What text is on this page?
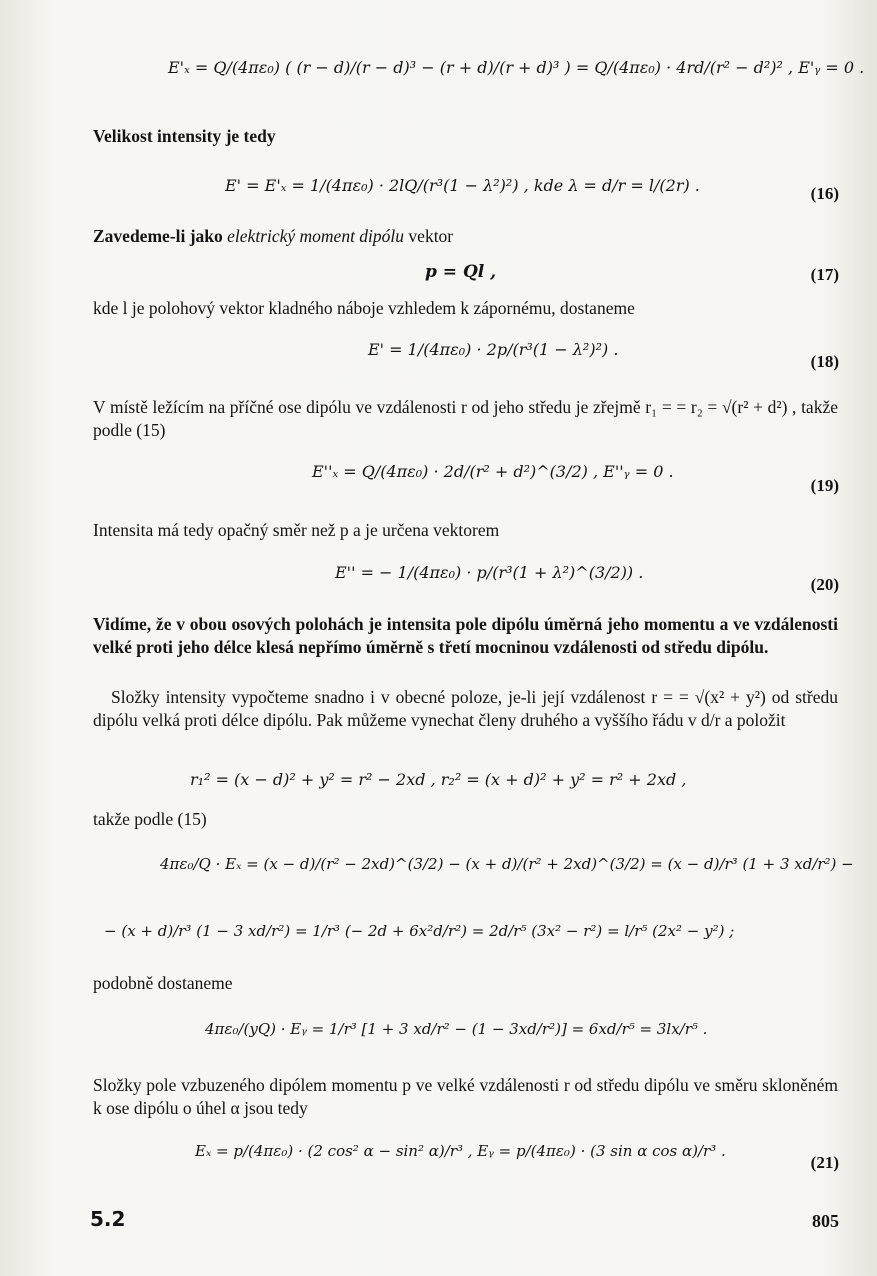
E'ₓ = Q/(4πε₀) ( (r − d)/(r − d)³ − (r + d)/(r + d)³ ) = Q/(4πε₀) · 4rd/(r² − d²)² , E'ᵧ = 0 .
Velikost intensity je tedy
E' = E'ₓ = 1/(4πε₀) · 2lQ/(r³(1 − λ²)²) , kde λ = d/r = l/(2r) .	(16)
Zavedeme-li jako elektrický moment dipólu vektor
p = Ql ,	(17)
kde l je polohový vektor kladného náboje vzhledem k zápornému, dostaneme
E' = 1/(4πε₀) · 2p/(r³(1 − λ²)²) .
(18)
V místě ležícím na příčné ose dipólu ve vzdálenosti r od jeho středu je zřejmě r₁ = = r₂ = √(r² + d²) , takže podle (15)
E''ₓ = Q/(4πε₀) · 2d/(r² + d²)^(3/2) , E''ᵧ = 0 .
(19)
Intensita má tedy opačný směr než p a je určena vektorem
E'' = − 1/(4πε₀) · p/(r³(1 + λ²)^(3/2)) .
(20)
Vidíme, že v obou osových polohách je intensita pole dipólu úměrná jeho momentu a ve vzdálenosti velké proti jeho délce klesá nepřímo úměrně s třetí mocninou vzdálenosti od středu dipólu.
Složky intensity vypočteme snadno i v obecné poloze, je-li její vzdálenost r = = √(x² + y²) od středu dipólu velká proti délce dipólu. Pak můžeme vynechat členy druhého a vyššího řádu v d/r a položit
r₁² = (x − d)² + y² = r² − 2xd , r₂² = (x + d)² + y² = r² + 2xd ,
takže podle (15)
4πε₀/Q · Eₓ = (x − d)/(r² − 2xd)^(3/2) − (x + d)/(r² + 2xd)^(3/2) = (x − d)/r³ (1 + 3 xd/r²) −
− (x + d)/r³ (1 − 3 xd/r²) = 1/r³ (− 2d + 6x²d/r²) = 2d/r⁵ (3x² − r²) = l/r⁵ (2x² − y²) ;
podobně dostaneme
4πε₀/(yQ) · Eᵧ = 1/r³ [1 + 3 xd/r² − (1 − 3xd/r²)] = 6xd/r⁵ = 3lx/r⁵ .
Složky pole vzbuzeného dipólem momentu p ve velké vzdálenosti r od středu dipólu ve směru skloněném k ose dipólu o úhel α jsou tedy
Eₓ = p/(4πε₀) · (2 cos² α − sin² α)/r³ , Eᵧ = p/(4πε₀) · (3 sin α cos α)/r³ .
(21)
5.2	805
